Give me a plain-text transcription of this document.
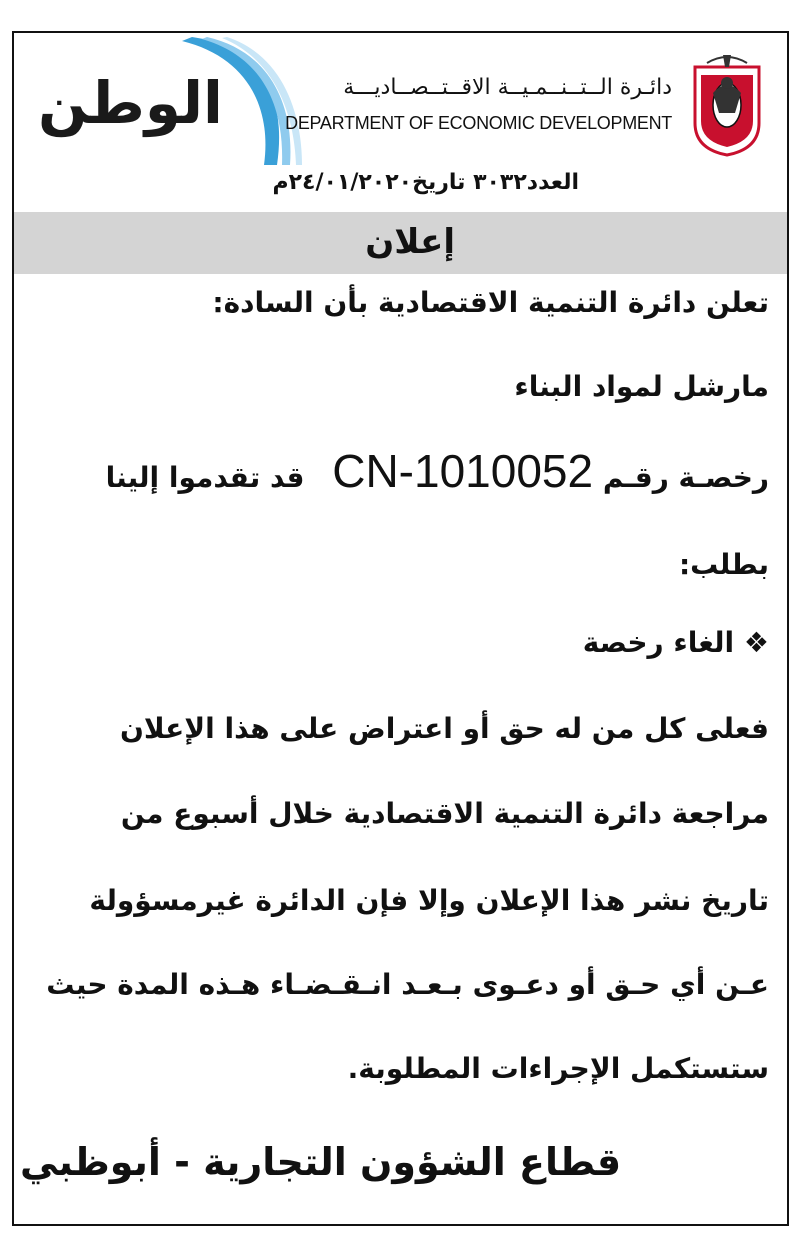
الوطن	دائـرة الــتــنــمـيــة الاقــتــصــاديـــة
DEPARTMENT OF ECONOMIC DEVELOPMENT
العدد٣٠٣٢ تاريخ٢٤/٠١/٢٠٢٠م
إعلان
تعلن دائرة التنمية الاقتصادية بأن السادة:
مارشل لمواد البناء
رخصـة رقـم CN-1010052 قد تقدموا إلينا
بطلب:
❖ الغاء رخصة
فعلى كل من له حق أو اعتراض على هذا الإعلان
مراجعة دائرة التنمية الاقتصادية خلال أسبوع من
تاريخ نشر هذا الإعلان وإلا فإن الدائرة غيرمسؤولة
عـن أي حـق أو دعـوى بـعـد انـقـضـاء هـذه المدة حيث
ستستكمل الإجراءات المطلوبة.
قطاع الشؤون التجارية - أبوظبي
